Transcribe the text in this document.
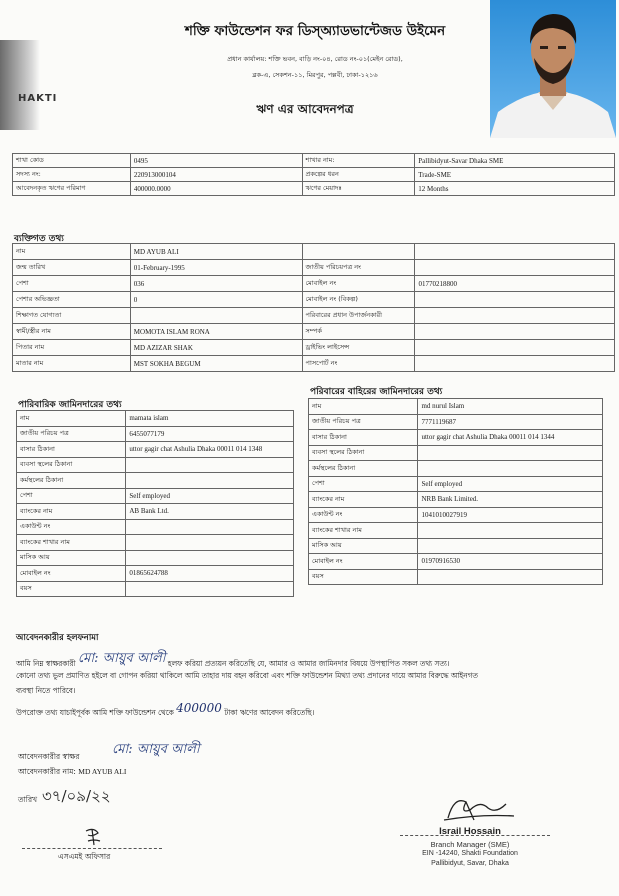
HAKTI
শক্তি ফাউন্ডেশন ফর ডিস্অ্যাডভান্টেজড উইমেন
প্রধান কার্যালয়: শক্তি ভবন, বাড়ি নং-০৪, রোড নং-০১(মেইন রোড),
ব্লক-এ, সেকশন-১১, মিরপুর, পল্লবী, ঢাকা-১২১৬
ঋণ এর আবেদনপত্র
শাখা কোড	0495	শাখার নাম:	Pallibidyut-Savar Dhaka SME
সদস্য নং:	220913000104	প্রকল্পের ধরন	Trade-SME
আবেদনকৃত ঋণের পরিমাণ	400000.0000	ঋণের মেয়াদঃ	12 Months
ব্যক্তিগত তথ্য
নাম	MD AYUB ALI		
জন্ম তারিখ	01-February-1995	জাতীয় পরিচয়পত্র নং	
পেশা	036	মোবাইল নং	01770218800
পেশার অভিজ্ঞতা	0	মোবাইল নং (বিকল্প)	
শিক্ষাগত যোগ্যতা		পরিবারের প্রধান উপার্জনকারী	
স্বামী/স্ত্রীর নাম	MOMOTA ISLAM RONA	সম্পর্ক	
পিতার নাম	MD AZIZAR SHAK	ড্রাইভিং লাইসেন্স	
মাতার নাম	MST SOKHA BEGUM	পাসপোর্ট নং	
পারিবারিক জামিনদারের তথ্য
নাম	mamata islam
জাতীয় পরিচয় পত্র	6455077179
বাসার ঠিকানা	uttor gagir chat Ashulia Dhaka 00011 014 1348
ব্যবসা স্থলের ঠিকানা	
কর্মস্থলের ঠিকানা	
পেশা	Self employed
ব্যাংকের নাম	AB Bank Ltd.
একাউন্ট নং	
ব্যাংকের শাখার নাম	
মাসিক আয়	
মোবাইল নং	01865624788
বয়স	
পরিবারের বাহিরের জামিনদারের তথ্য
নাম	md nurul Islam
জাতীয় পরিচয় পত্র	7771119687
বাসার ঠিকানা	uttor gagir chat Ashulia Dhaka 00011 014 1344
ব্যবসা স্থলের ঠিকানা	
কর্মস্থলের ঠিকানা	
পেশা	Self employed
ব্যাংকের নাম	NRB Bank Limited.
একাউন্ট নং	1041010027919
ব্যাংকের শাখার নাম	
মাসিক আয়	
মোবাইল নং	01970916530
বয়স	
আবেদনকারীর হলফনামা
আমি নিম্ন স্বাক্ষরকারী মো: আয়ুব আলী হলফ করিয়া প্রত্যয়ন করিতেছি যে, আমার ও আমার জামিনদার বিষয়ে উপস্থাপিত সকল তথ্য সত্য।
কোনো তথ্য ভুল প্রমাণিত হইলে বা গোপন করিয়া থাকিলে আমি তাহার দায় বহন করিবো এবং শক্তি ফাউন্ডেশন মিথ্যা তথ্য প্রদানের দায়ে আমার বিরুদ্ধে আইনগত
ব্যবস্থা নিতে পারিবে।
উপরোক্ত তথ্য যাচাইপূর্বক আমি শক্তি ফাউন্ডেশন থেকে 400000 টাকা ঋণের আবেদন করিতেছি।
আবেদনকারীর স্বাক্ষর	মো: আয়ুব আলী
আবেদনকারীর নাম: MD AYUB ALI
তারিখ ৩৭/০৯/২২
এসএমই অফিসার
Israil Hossain
Branch Manager (SME)
EIN -14240, Shakti Foundation
Pallibidyut, Savar, Dhaka
